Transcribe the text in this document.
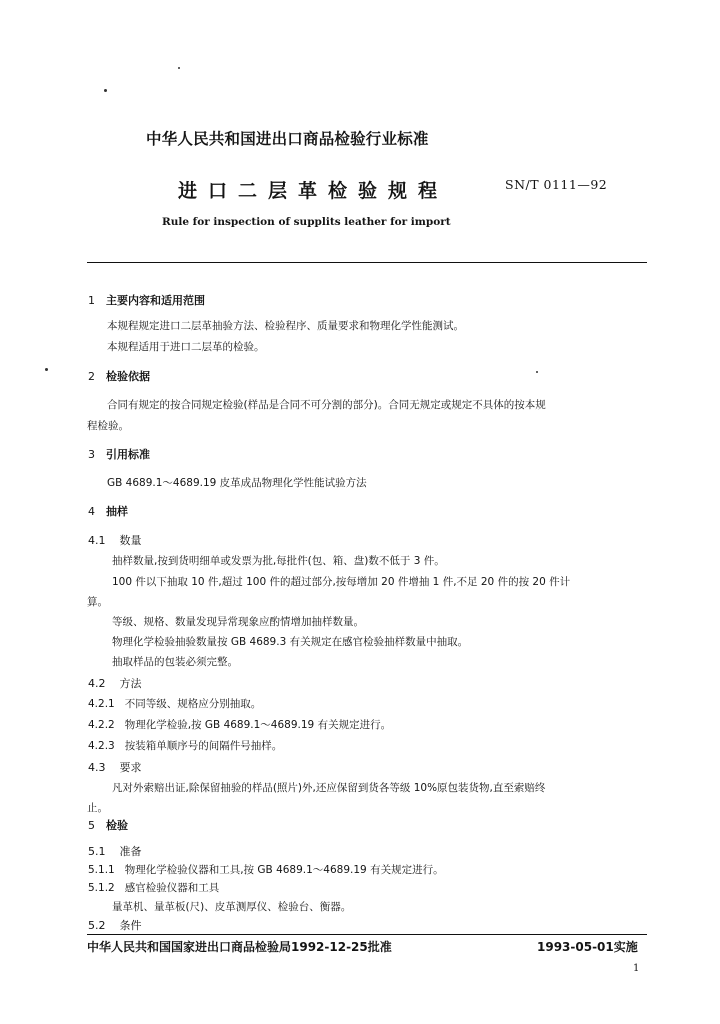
中华人民共和国进出口商品检验行业标准
进口二层革检验规程	SN/T 0111—92
Rule for inspection of supplits leather for import
1 主要内容和适用范围
本规程规定进口二层革抽验方法、检验程序、质量要求和物理化学性能测试。
本规程适用于进口二层革的检验。
2 检验依据
合同有规定的按合同规定检验(样品是合同不可分割的部分)。合同无规定或规定不具体的按本规
程检验。
3 引用标准
GB 4689.1～4689.19 皮革成品物理化学性能试验方法
4 抽样
4.1 数量
抽样数量,按到货明细单或发票为批,每批件(包、箱、盘)数不低于 3 件。
100 件以下抽取 10 件,超过 100 件的超过部分,按每增加 20 件增抽 1 件,不足 20 件的按 20 件计
算。
等级、规格、数量发现异常现象应酌情增加抽样数量。
物理化学检验抽验数量按 GB 4689.3 有关规定在感官检验抽样数量中抽取。
抽取样品的包装必须完整。
4.2 方法
4.2.1 不同等级、规格应分别抽取。
4.2.2 物理化学检验,按 GB 4689.1～4689.19 有关规定进行。
4.2.3 按装箱单顺序号的间隔件号抽样。
4.3 要求
凡对外索赔出证,除保留抽验的样品(照片)外,还应保留到货各等级 10%原包装货物,直至索赔终
止。
5 检验
5.1 准备
5.1.1 物理化学检验仪器和工具,按 GB 4689.1～4689.19 有关规定进行。
5.1.2 感官检验仪器和工具
量革机、量革板(尺)、皮革测厚仪、检验台、衡器。
中华人民共和国国家进出口商品检验局1992-12-25批准	1993-05-01实施
1
5.2 条件
